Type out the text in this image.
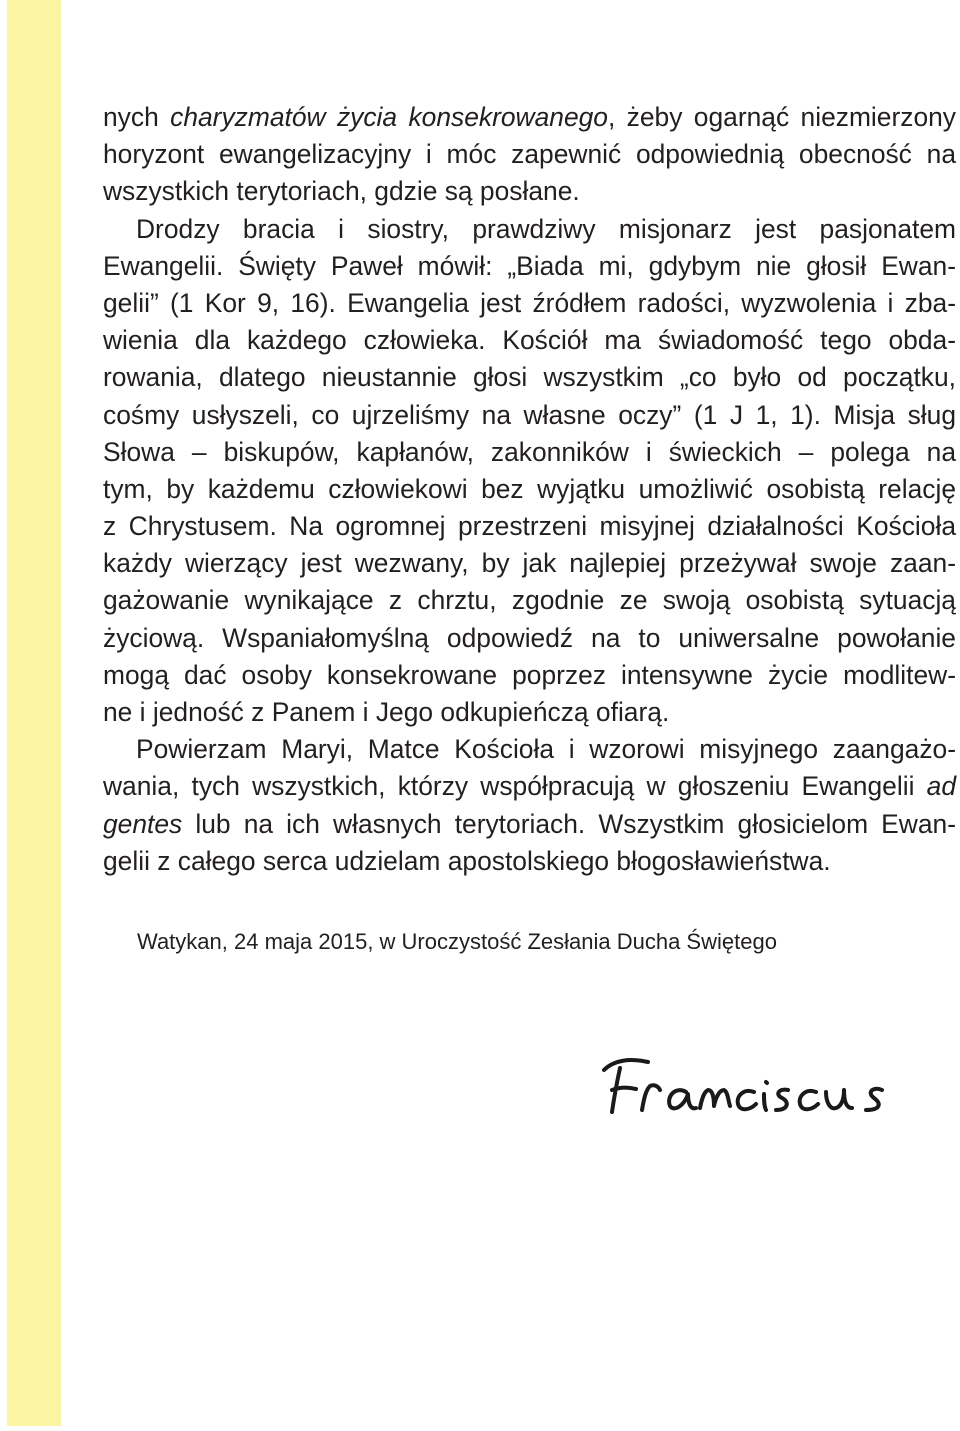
nych charyzmatów życia konsekrowanego, żeby ogarnąć niezmierzony
horyzont ewangelizacyjny i móc zapewnić odpowiednią obecność na
wszystkich terytoriach, gdzie są posłane.
Drodzy bracia i siostry, prawdziwy misjonarz jest pasjonatem
Ewangelii. Święty Paweł mówił: „Biada mi, gdybym nie głosił Ewan-
gelii” (1 Kor 9, 16). Ewangelia jest źródłem radości, wyzwolenia i zba-
wienia dla każdego człowieka. Kościół ma świadomość tego obda-
rowania, dlatego nieustannie głosi wszystkim „co było od początku,
cośmy usłyszeli, co ujrzeliśmy na własne oczy” (1 J 1, 1). Misja sług
Słowa – biskupów, kapłanów, zakonników i świeckich – polega na
tym, by każdemu człowiekowi bez wyjątku umożliwić osobistą relację
z Chrystusem. Na ogromnej przestrzeni misyjnej działalności Kościoła
każdy wierzący jest wezwany, by jak najlepiej przeżywał swoje zaan-
gażowanie wynikające z chrztu, zgodnie ze swoją osobistą sytuacją
życiową. Wspaniałomyślną odpowiedź na to uniwersalne powołanie
mogą dać osoby konsekrowane poprzez intensywne życie modlitew-
ne i jedność z Panem i Jego odkupieńczą ofiarą.
Powierzam Maryi, Matce Kościoła i wzorowi misyjnego zaangażo-
wania, tych wszystkich, którzy współpracują w głoszeniu Ewangelii ad
gentes lub na ich własnych terytoriach. Wszystkim głosicielom Ewan-
gelii z całego serca udzielam apostolskiego błogosławieństwa.
Watykan, 24 maja 2015, w Uroczystość Zesłania Ducha Świętego
